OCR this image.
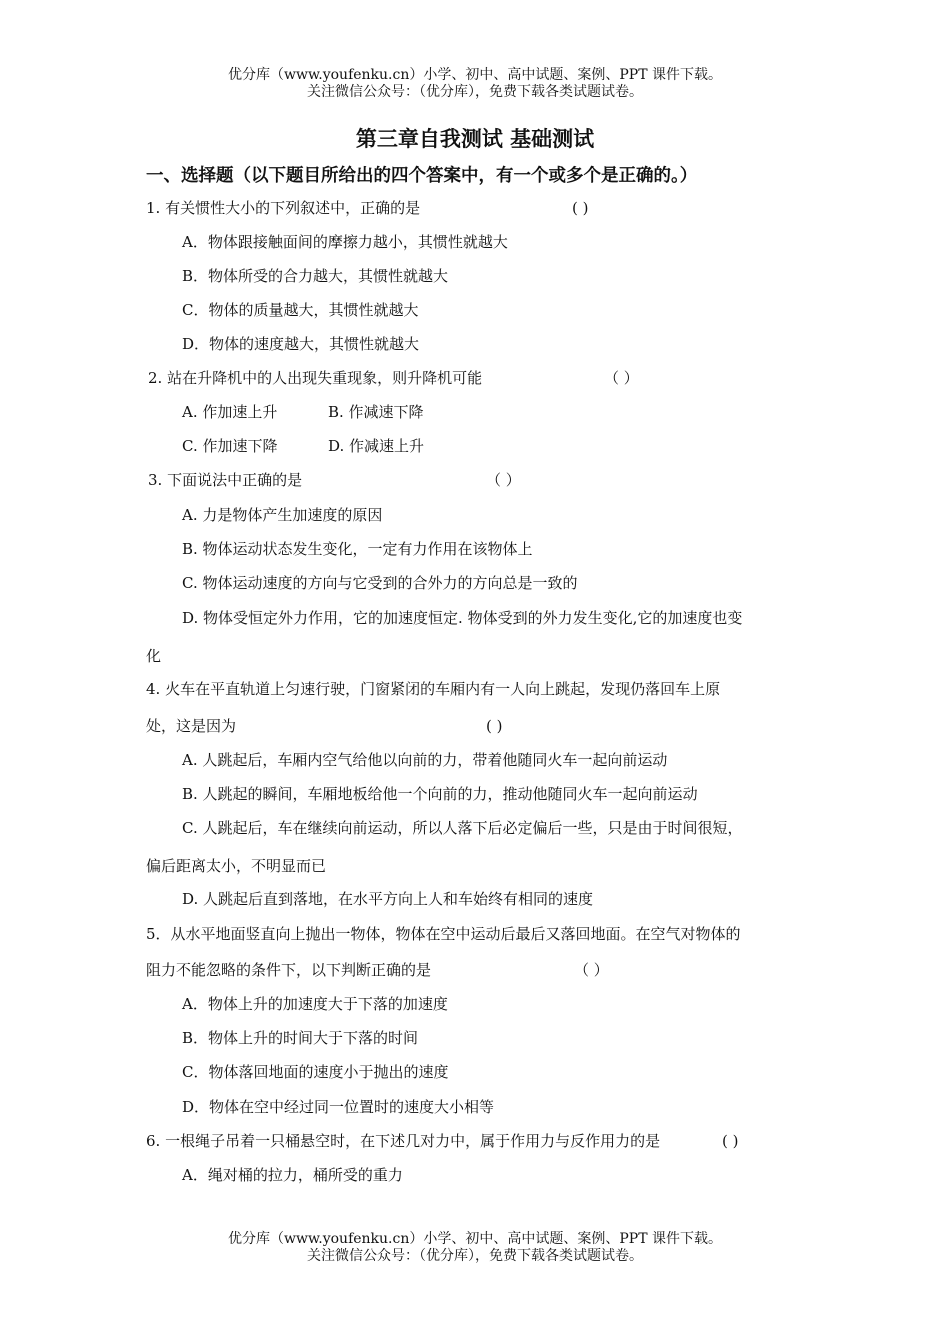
优分库（www.youfenku.cn）小学、初中、高中试题、案例、PPT 课件下载。
关注微信公众号：（优分库），免费下载各类试题试卷。
第三章自我测试 基础测试
一、选择题（以下题目所给出的四个答案中，有一个或多个是正确的。）
1. 有关惯性大小的下列叙述中，正确的是	( )
A．物体跟接触面间的摩擦力越小，其惯性就越大
B．物体所受的合力越大，其惯性就越大
C．物体的质量越大，其惯性就越大
D．物体的速度越大，其惯性就越大
2. 站在升降机中的人出现失重现象，则升降机可能	（ ）
A. 作加速上升	B. 作减速下降
C. 作加速下降	D. 作减速上升
3. 下面说法中正确的是	（ ）
A. 力是物体产生加速度的原因
B. 物体运动状态发生变化，一定有力作用在该物体上
C. 物体运动速度的方向与它受到的合外力的方向总是一致的
D. 物体受恒定外力作用，它的加速度恒定. 物体受到的外力发生变化,它的加速度也变
化
4. 火车在平直轨道上匀速行驶，门窗紧闭的车厢内有一人向上跳起，发现仍落回车上原
处，这是因为	( )
A. 人跳起后，车厢内空气给他以向前的力，带着他随同火车一起向前运动
B. 人跳起的瞬间，车厢地板给他一个向前的力，推动他随同火车一起向前运动
C. 人跳起后，车在继续向前运动，所以人落下后必定偏后一些，只是由于时间很短，
偏后距离太小，不明显而已
D. 人跳起后直到落地，在水平方向上人和车始终有相同的速度
5．从水平地面竖直向上抛出一物体，物体在空中运动后最后又落回地面。在空气对物体的
阻力不能忽略的条件下，以下判断正确的是	（ ）
A．物体上升的加速度大于下落的加速度
B．物体上升的时间大于下落的时间
C．物体落回地面的速度小于抛出的速度
D．物体在空中经过同一位置时的速度大小相等
6. 一根绳子吊着一只桶悬空时，在下述几对力中，属于作用力与反作用力的是	( )
A．绳对桶的拉力，桶所受的重力
优分库（www.youfenku.cn）小学、初中、高中试题、案例、PPT 课件下载。
关注微信公众号：（优分库），免费下载各类试题试卷。
